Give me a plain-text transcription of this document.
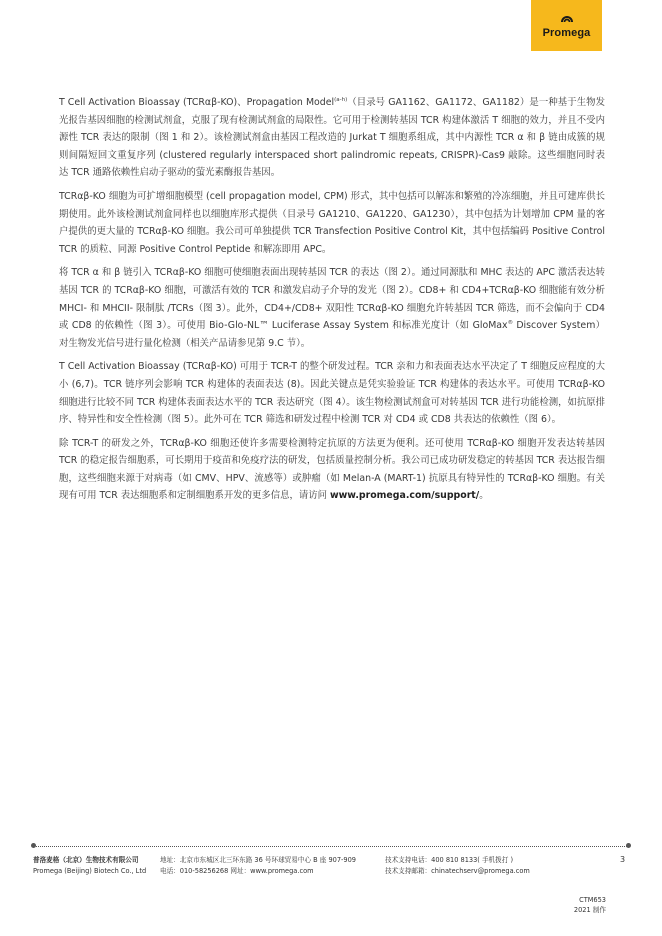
Promega

T Cell Activation Bioassay (TCRαβ-KO)、Propagation Model$^{(a-h)}$（目录号 GA1162、GA1172、GA1182）是一种基于生物发光报告基因细胞的检测试剂盒，克服了现有检测试剂盒的局限性。它可用于检测转基因 TCR 构建体激活 T 细胞的效力，并且不受内源性 TCR 表达的限制（图 1 和 2）。该检测试剂盒由基因工程改造的 Jurkat T 细胞系组成，其中内源性 TCR α 和 β 链由成簇的规则间隔短回文重复序列 (clustered regularly interspaced short palindromic repeats, CRISPR)-Cas9 敲除。这些细胞同时表达 TCR 通路依赖性启动子驱动的萤光素酶报告基因。

TCRαβ-KO 细胞为可扩增细胞模型 (cell propagation model, CPM) 形式，其中包括可以解冻和繁殖的冷冻细胞，并且可建库供长期使用。此外该检测试剂盒同样也以细胞库形式提供（目录号 GA1210、GA1220、GA1230），其中包括为计划增加 CPM 量的客户提供的更大量的 TCRαβ-KO 细胞。我公司可单独提供 TCR Transfection Positive Control Kit，其中包括编码 Positive Control TCR 的质粒、同源 Positive Control Peptide 和解冻即用 APC。

将 TCR α 和 β 链引入 TCRαβ-KO 细胞可使细胞表面出现转基因 TCR 的表达（图 2）。通过同源肽和 MHC 表达的 APC 激活表达转基因 TCR 的 TCRαβ-KO 细胞，可激活有效的 TCR 和激发启动子介导的发光（图 2）。CD8+ 和 CD4+TCRαβ-KO 细胞能有效分析 MHCI- 和 MHCII- 限制肽 /TCRs（图 3）。此外，CD4+/CD8+ 双阳性 TCRαβ-KO 细胞允许转基因 TCR 筛选，而不会偏向于 CD4 或 CD8 的依赖性（图 3）。可使用 Bio-Glo-NL™ Luciferase Assay System 和标准光度计（如 GloMax® Discover System）对生物发光信号进行量化检测（相关产品请参见第 9.C 节）。

T Cell Activation Bioassay (TCRαβ-KO) 可用于 TCR-T 的整个研发过程。TCR 亲和力和表面表达水平决定了 T 细胞反应程度的大小 (6,7)。TCR 链序列会影响 TCR 构建体的表面表达 (8)。因此关键点是凭实验验证 TCR 构建体的表达水平。可使用 TCRαβ-KO 细胞进行比较不同 TCR 构建体表面表达水平的 TCR 表达研究（图 4）。该生物检测试剂盒可对转基因 TCR 进行功能检测，如抗原排序、特异性和安全性检测（图 5）。此外可在 TCR 筛选和研发过程中检测 TCR 对 CD4 或 CD8 共表达的依赖性（图 6）。

除 TCR-T 的研发之外，TCRαβ-KO 细胞还使许多需要检测特定抗原的方法更为便利。还可使用 TCRαβ-KO 细胞开发表达转基因 TCR 的稳定报告细胞系，可长期用于疫苗和免疫疗法的研发，包括质量控制分析。我公司已成功研发稳定的转基因 TCR 表达报告细胞，这些细胞来源于对病毒（如 CMV、HPV、流感等）或肿瘤（如 Melan-A (MART-1) 抗原具有特异性的 TCRαβ-KO 细胞。有关现有可用 TCR 表达细胞系和定制细胞系开发的更多信息，请访问 www.promega.com/support/。

普洛麦格（北京）生物技术有限公司
Promega (Beijing) Biotech Co., Ltd
地址：北京市东城区北三环东路 36 号环球贸易中心 B 座 907-909
电话：010-58256268 网址：www.promega.com
技术支持电话：400 810 8133( 手机拨打 )
技术支持邮箱：chinatechserv@promega.com
3
CTM653
2021 制作
